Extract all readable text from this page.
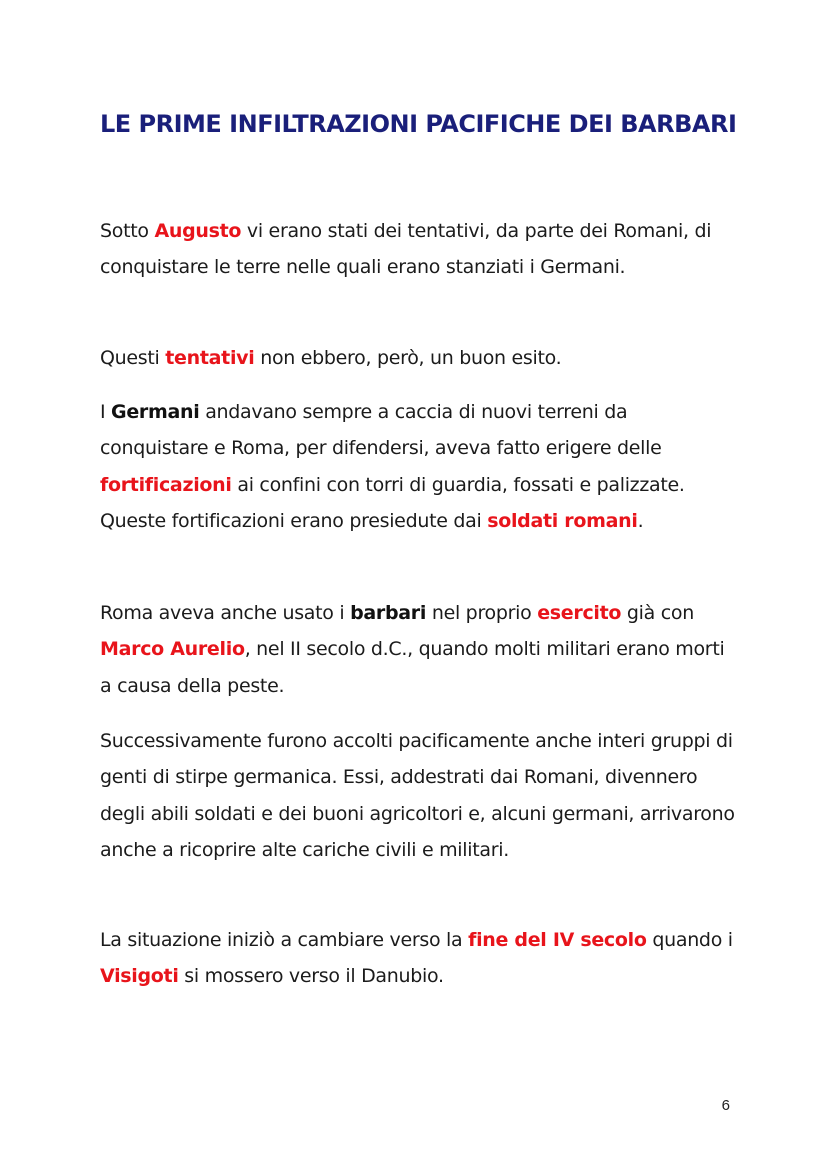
LE PRIME INFILTRAZIONI PACIFICHE DEI BARBARI

Sotto Augusto vi erano stati dei tentativi, da parte dei Romani, di conquistare le terre nelle quali erano stanziati i Germani.

Questi tentativi non ebbero, però, un buon esito.

I Germani andavano sempre a caccia di nuovi terreni da conquistare e Roma, per difendersi, aveva fatto erigere delle fortificazioni ai confini con torri di guardia, fossati e palizzate. Queste fortificazioni erano presiedute dai soldati romani.

Roma aveva anche usato i barbari nel proprio esercito già con Marco Aurelio, nel II secolo d.C., quando molti militari erano morti a causa della peste.

Successivamente furono accolti pacificamente anche interi gruppi di genti di stirpe germanica. Essi, addestrati dai Romani, divennero degli abili soldati e dei buoni agricoltori e, alcuni germani, arrivarono anche a ricoprire alte cariche civili e militari.

La situazione iniziò a cambiare verso la fine del IV secolo quando i Visigoti si mossero verso il Danubio.

6
